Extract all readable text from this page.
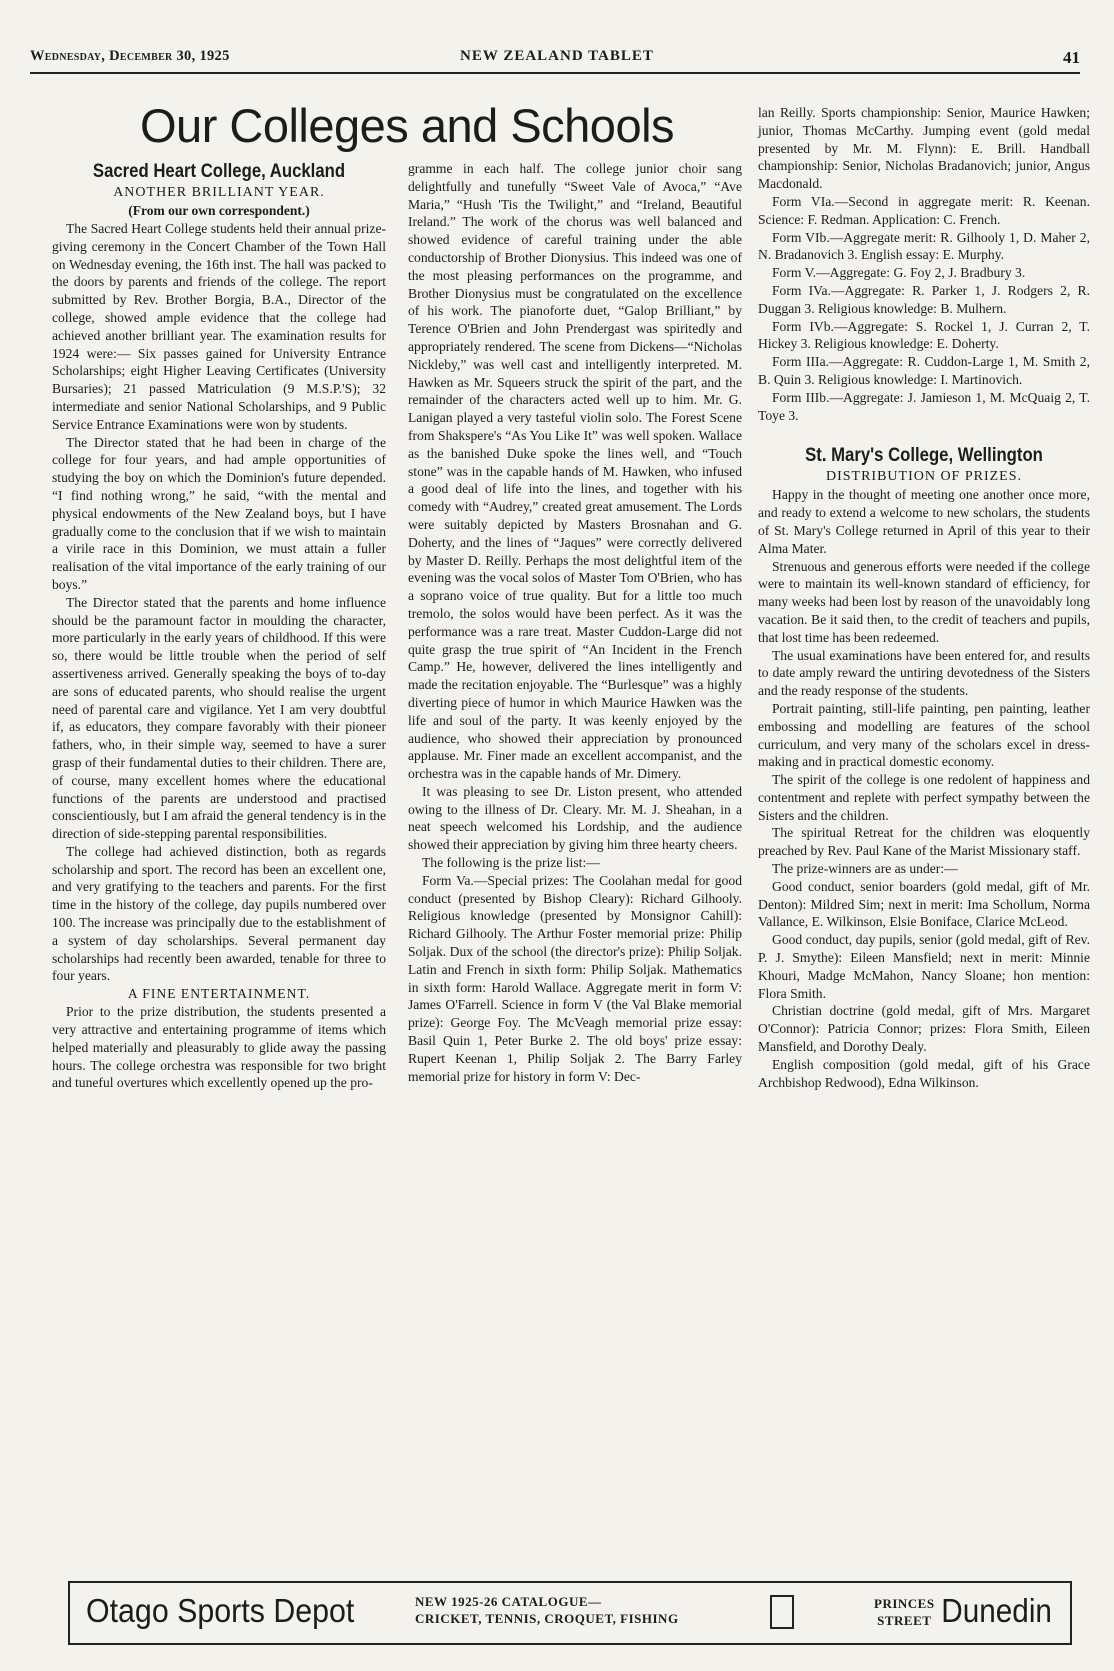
Wednesday, December 30, 1925	NEW ZEALAND TABLET	41
Our Colleges and Schools
Sacred Heart College, Auckland
ANOTHER BRILLIANT YEAR.
(From our own correspondent.)

The Sacred Heart College students held their annual prize-giving ceremony in the Concert Chamber of the Town Hall on Wednesday evening, the 16th inst. The hall was packed to the doors by parents and friends of the college. The report submitted by Rev. Brother Borgia, B.A., Director of the college, showed ample evidence that the college had achieved another brilliant year. The examination results for 1924 were:— Six passes gained for University Entrance Scholarships; eight Higher Leaving Certificates (University Bursaries); 21 passed Matriculation (9 M.S.P.'S); 32 intermediate and senior National Scholarships, and 9 Public Service Entrance Examinations were won by students.

The Director stated that he had been in charge of the college for four years, and had ample opportunities of studying the boy on which the Dominion's future depended. “I find nothing wrong,” he said, “with the mental and physical endowments of the New Zealand boys, but I have gradually come to the conclusion that if we wish to maintain a virile race in this Dominion, we must attain a fuller realisation of the vital importance of the early training of our boys.”

The Director stated that the parents and home influence should be the paramount factor in moulding the character, more particularly in the early years of childhood. If this were so, there would be little trouble when the period of self assertiveness arrived. Generally speaking the boys of to-day are sons of educated parents, who should realise the urgent need of parental care and vigilance. Yet I am very doubtful if, as educators, they compare favorably with their pioneer fathers, who, in their simple way, seemed to have a surer grasp of their fundamental duties to their children. There are, of course, many excellent homes where the educational functions of the parents are understood and practised conscientiously, but I am afraid the general tendency is in the direction of side-stepping parental responsibilities.

The college had achieved distinction, both as regards scholarship and sport. The record has been an excellent one, and very gratifying to the teachers and parents. For the first time in the history of the college, day pupils numbered over 100. The increase was principally due to the establishment of a system of day scholarships. Several permanent day scholarships had recently been awarded, tenable for three to four years.

A FINE ENTERTAINMENT.

Prior to the prize distribution, the students presented a very attractive and entertaining programme of items which helped materially and pleasurably to glide away the passing hours. The college orchestra was responsible for two bright and tuneful overtures which excellently opened up the pro-

gramme in each half. The college junior choir sang delightfully and tunefully “Sweet Vale of Avoca,” “Ave Maria,” “Hush 'Tis the Twilight,” and “Ireland, Beautiful Ireland.” The work of the chorus was well balanced and showed evidence of careful training under the able conductorship of Brother Dionysius. This indeed was one of the most pleasing performances on the programme, and Brother Dionysius must be congratulated on the excellence of his work. The pianoforte duet, “Galop Brilliant,” by Terence O'Brien and John Prendergast was spiritedly and appropriately rendered. The scene from Dickens—“Nicholas Nickleby,” was well cast and intelligently interpreted. M. Hawken as Mr. Squeers struck the spirit of the part, and the remainder of the characters acted well up to him. Mr. G. Lanigan played a very tasteful violin solo. The Forest Scene from Shakspere's “As You Like It” was well spoken. Wallace as the banished Duke spoke the lines well, and “Touch stone” was in the capable hands of M. Hawken, who infused a good deal of life into the lines, and together with his comedy with “Audrey,” created great amusement. The Lords were suitably depicted by Masters Brosnahan and G. Doherty, and the lines of “Jaques” were correctly delivered by Master D. Reilly. Perhaps the most delightful item of the evening was the vocal solos of Master Tom O'Brien, who has a soprano voice of true quality. But for a little too much tremolo, the solos would have been perfect. As it was the performance was a rare treat. Master Cuddon-Large did not quite grasp the true spirit of “An Incident in the French Camp.” He, however, delivered the lines intelligently and made the recitation enjoyable. The “Burlesque” was a highly diverting piece of humor in which Maurice Hawken was the life and soul of the party. It was keenly enjoyed by the audience, who showed their appreciation by pronounced applause. Mr. Finer made an excellent accompanist, and the orchestra was in the capable hands of Mr. Dimery.

It was pleasing to see Dr. Liston present, who attended owing to the illness of Dr. Cleary. Mr. M. J. Sheahan, in a neat speech welcomed his Lordship, and the audience showed their appreciation by giving him three hearty cheers.

The following is the prize list:—

Form Va.—Special prizes: The Coolahan medal for good conduct (presented by Bishop Cleary): Richard Gilhooly. Religious knowledge (presented by Monsignor Cahill): Richard Gilhooly. The Arthur Foster memorial prize: Philip Soljak. Dux of the school (the director's prize): Philip Soljak. Latin and French in sixth form: Philip Soljak. Mathematics in sixth form: Harold Wallace. Aggregate merit in form V: James O'Farrell. Science in form V (the Val Blake memorial prize): George Foy. The McVeagh memorial prize essay: Basil Quin 1, Peter Burke 2. The old boys' prize essay: Rupert Keenan 1, Philip Soljak 2. The Barry Farley memorial prize for history in form V: Dec-

lan Reilly. Sports championship: Senior, Maurice Hawken; junior, Thomas McCarthy. Jumping event (gold medal presented by Mr. M. Flynn): E. Brill. Handball championship: Senior, Nicholas Bradanovich; junior, Angus Macdonald.

Form VIa.—Second in aggregate merit: R. Keenan. Science: F. Redman. Application: C. French.

Form VIb.—Aggregate merit: R. Gilhooly 1, D. Maher 2, N. Bradanovich 3. English essay: E. Murphy.

Form V.—Aggregate: G. Foy 2, J. Bradbury 3.

Form IVa.—Aggregate: R. Parker 1, J. Rodgers 2, R. Duggan 3. Religious knowledge: B. Mulhern.

Form IVb.—Aggregate: S. Rockel 1, J. Curran 2, T. Hickey 3. Religious knowledge: E. Doherty.

Form IIIa.—Aggregate: R. Cuddon-Large 1, M. Smith 2, B. Quin 3. Religious knowledge: I. Martinovich.

Form IIIb.—Aggregate: J. Jamieson 1, M. McQuaig 2, T. Toye 3.

St. Mary's College, Wellington
DISTRIBUTION OF PRIZES.

Happy in the thought of meeting one another once more, and ready to extend a welcome to new scholars, the students of St. Mary's College returned in April of this year to their Alma Mater.

Strenuous and generous efforts were needed if the college were to maintain its well-known standard of efficiency, for many weeks had been lost by reason of the unavoidably long vacation. Be it said then, to the credit of teachers and pupils, that lost time has been redeemed.

The usual examinations have been entered for, and results to date amply reward the untiring devotedness of the Sisters and the ready response of the students.

Portrait painting, still-life painting, pen painting, leather embossing and modelling are features of the school curriculum, and very many of the scholars excel in dress-making and in practical domestic economy.

The spirit of the college is one redolent of happiness and contentment and replete with perfect sympathy between the Sisters and the children.

The spiritual Retreat for the children was eloquently preached by Rev. Paul Kane of the Marist Missionary staff.

The prize-winners are as under:—

Good conduct, senior boarders (gold medal, gift of Mr. Denton): Mildred Sim; next in merit: Ima Schollum, Norma Vallance, E. Wilkinson, Elsie Boniface, Clarice McLeod.

Good conduct, day pupils, senior (gold medal, gift of Rev. P. J. Smythe): Eileen Mansfield; next in merit: Minnie Khouri, Madge McMahon, Nancy Sloane; hon mention: Flora Smith.

Christian doctrine (gold medal, gift of Mrs. Margaret O'Connor): Patricia Connor; prizes: Flora Smith, Eileen Mansfield, and Dorothy Dealy.

English composition (gold medal, gift of his Grace Archbishop Redwood), Edna Wilkinson.

Otago Sports Depot	NEW 1925-26 CATALOGUE—
CRICKET, TENNIS, CROQUET, FISHING
PRINCES
STREET Dunedin
